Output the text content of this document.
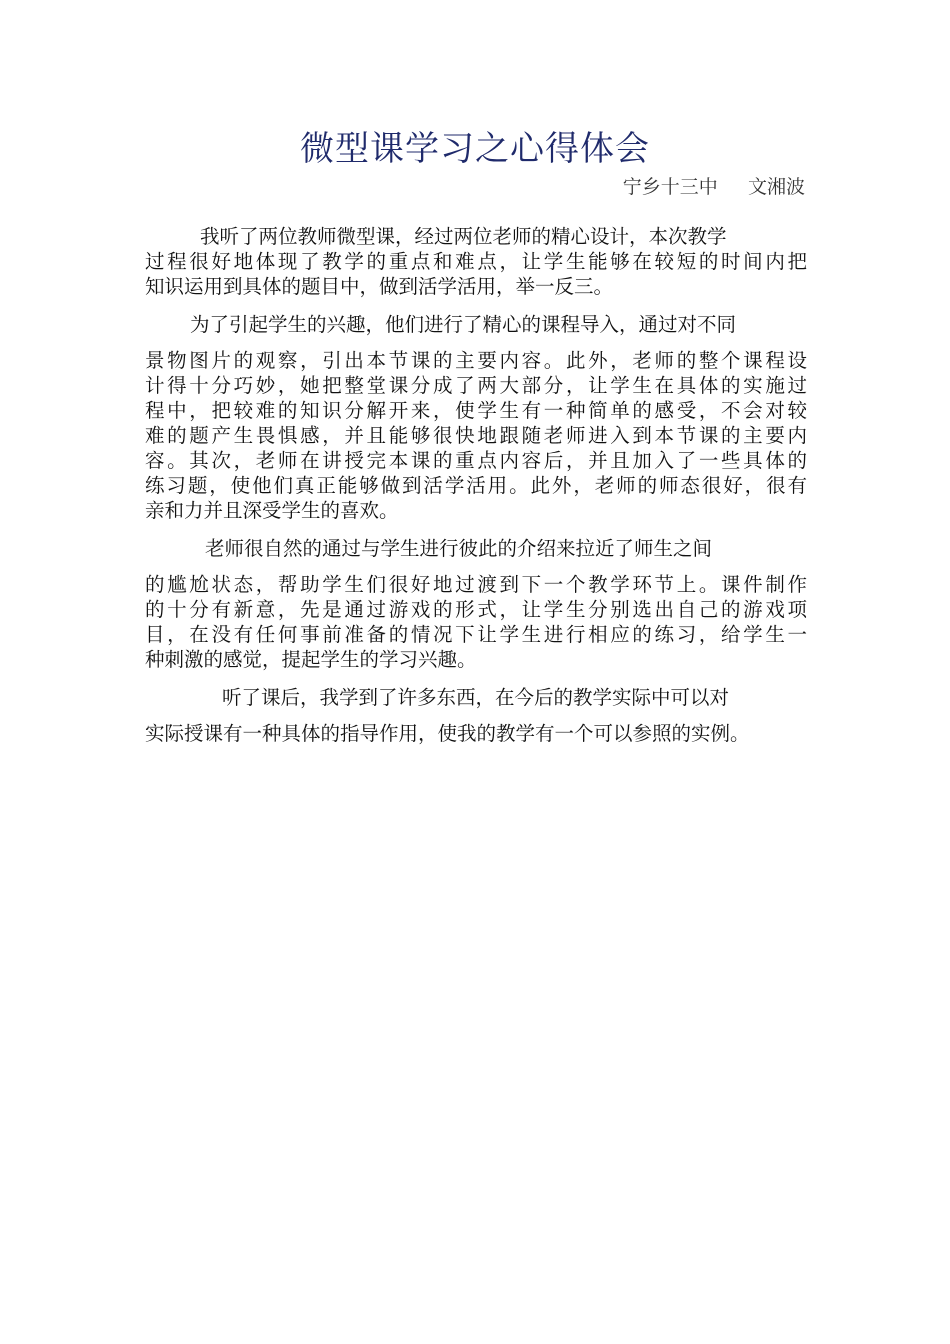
微型课学习之心得体会
宁乡十三中     文湘波
我听了两位教师微型课，经过两位老师的精心设计，本次教学
过程很好地体现了教学的重点和难点，让学生能够在较短的时间内把
知识运用到具体的题目中，做到活学活用，举一反三。
为了引起学生的兴趣，他们进行了精心的课程导入，通过对不同
景物图片的观察，引出本节课的主要内容。此外，老师的整个课程设
计得十分巧妙，她把整堂课分成了两大部分，让学生在具体的实施过
程中，把较难的知识分解开来，使学生有一种简单的感受，不会对较
难的题产生畏惧感，并且能够很快地跟随老师进入到本节课的主要内
容。其次，老师在讲授完本课的重点内容后，并且加入了一些具体的
练习题，使他们真正能够做到活学活用。此外，老师的师态很好，很有
亲和力并且深受学生的喜欢。
老师很自然的通过与学生进行彼此的介绍来拉近了师生之间
的尴尬状态，帮助学生们很好地过渡到下一个教学环节上。课件制作
的十分有新意，先是通过游戏的形式，让学生分别选出自己的游戏项
目，在没有任何事前准备的情况下让学生进行相应的练习，给学生一
种刺激的感觉，提起学生的学习兴趣。
听了课后，我学到了许多东西，在今后的教学实际中可以对
实际授课有一种具体的指导作用，使我的教学有一个可以参照的实例。
